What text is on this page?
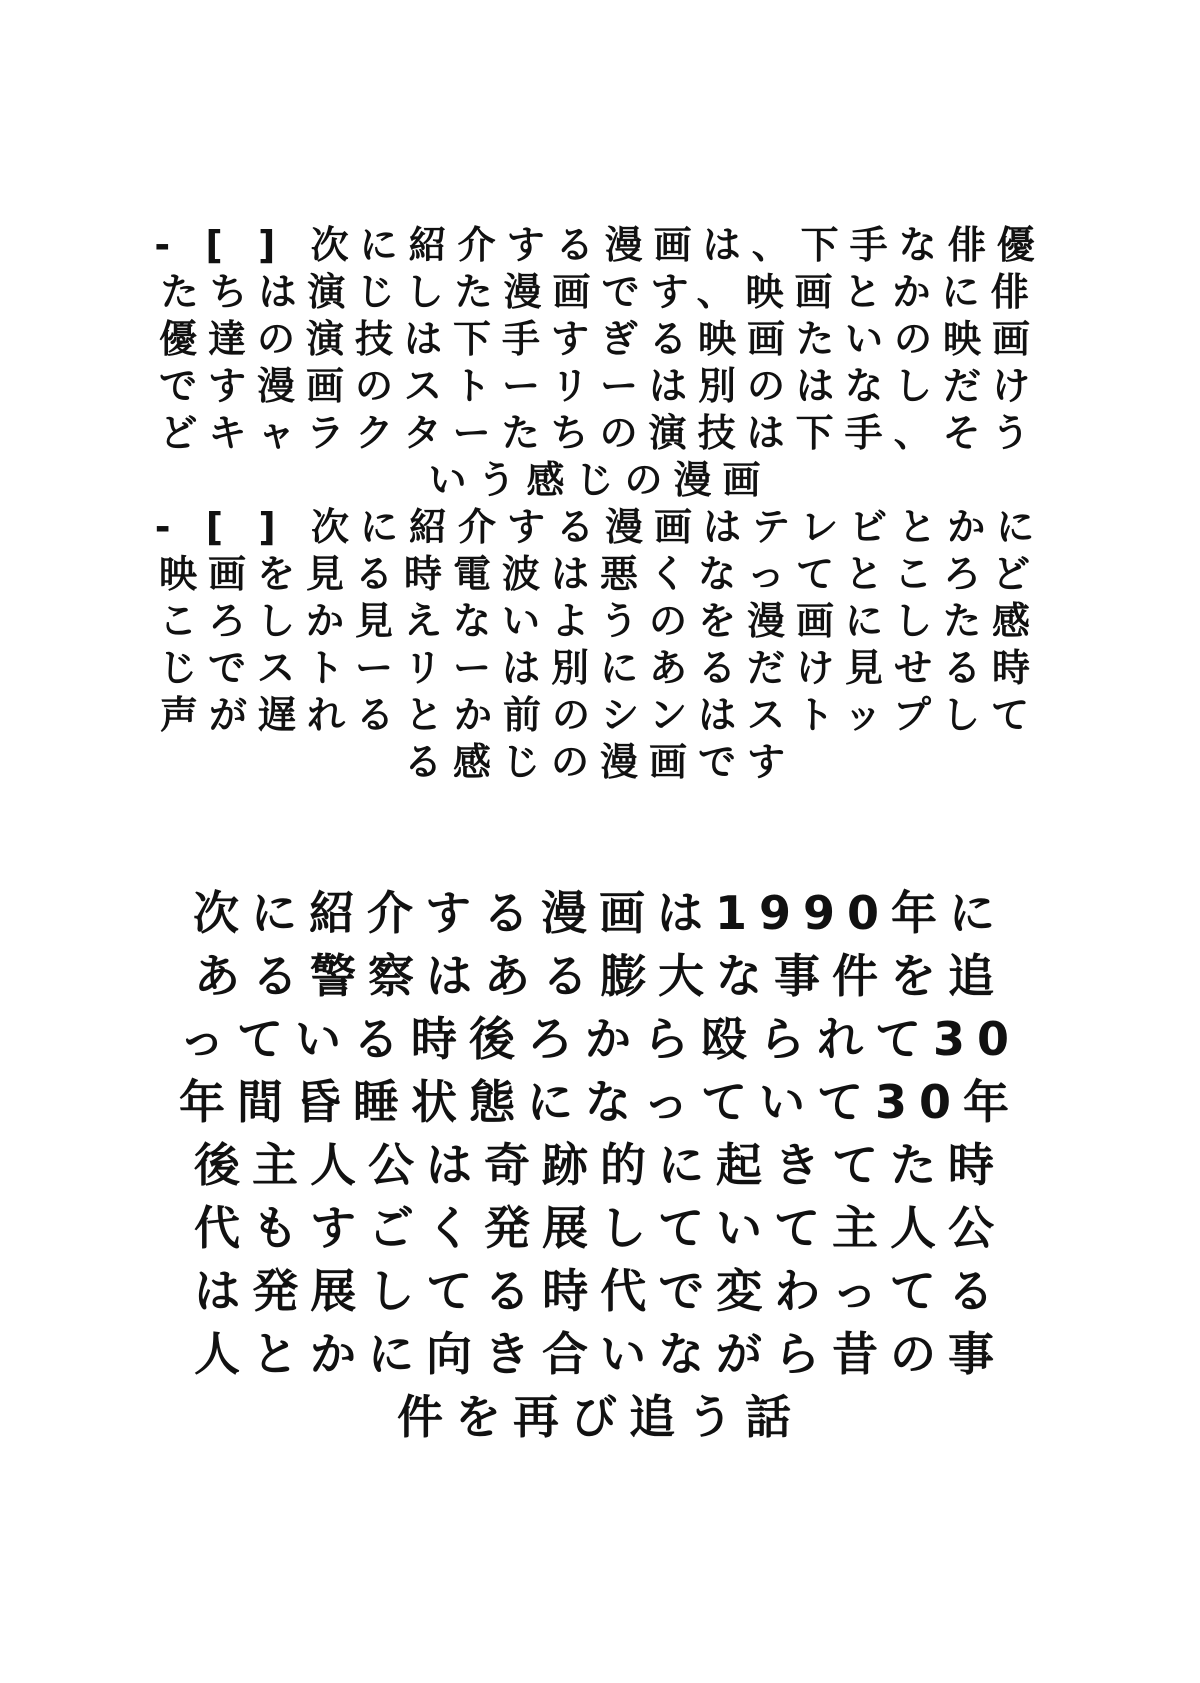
- [ ] 次に紹介する漫画は、下手な俳優たちは演じした漫画です、映画とかに俳優達の演技は下手すぎる映画たいの映画です漫画のストーリーは別のはなしだけどキャラクターたちの演技は下手、そういう感じの漫画

- [ ] 次に紹介する漫画はテレビとかに映画を見る時電波は悪くなってところどころしか見えないようのを漫画にした感じでストーリーは別にあるだけ見せる時声が遅れるとか前のシンはストップしてる感じの漫画です

次に紹介する漫画は1990年にある警察はある膨大な事件を追っている時後ろから殴られて30年間昏睡状態になっていて30年後主人公は奇跡的に起きてた時代もすごく発展していて主人公は発展してる時代で変わってる人とかに向き合いながら昔の事件を再び追う話
